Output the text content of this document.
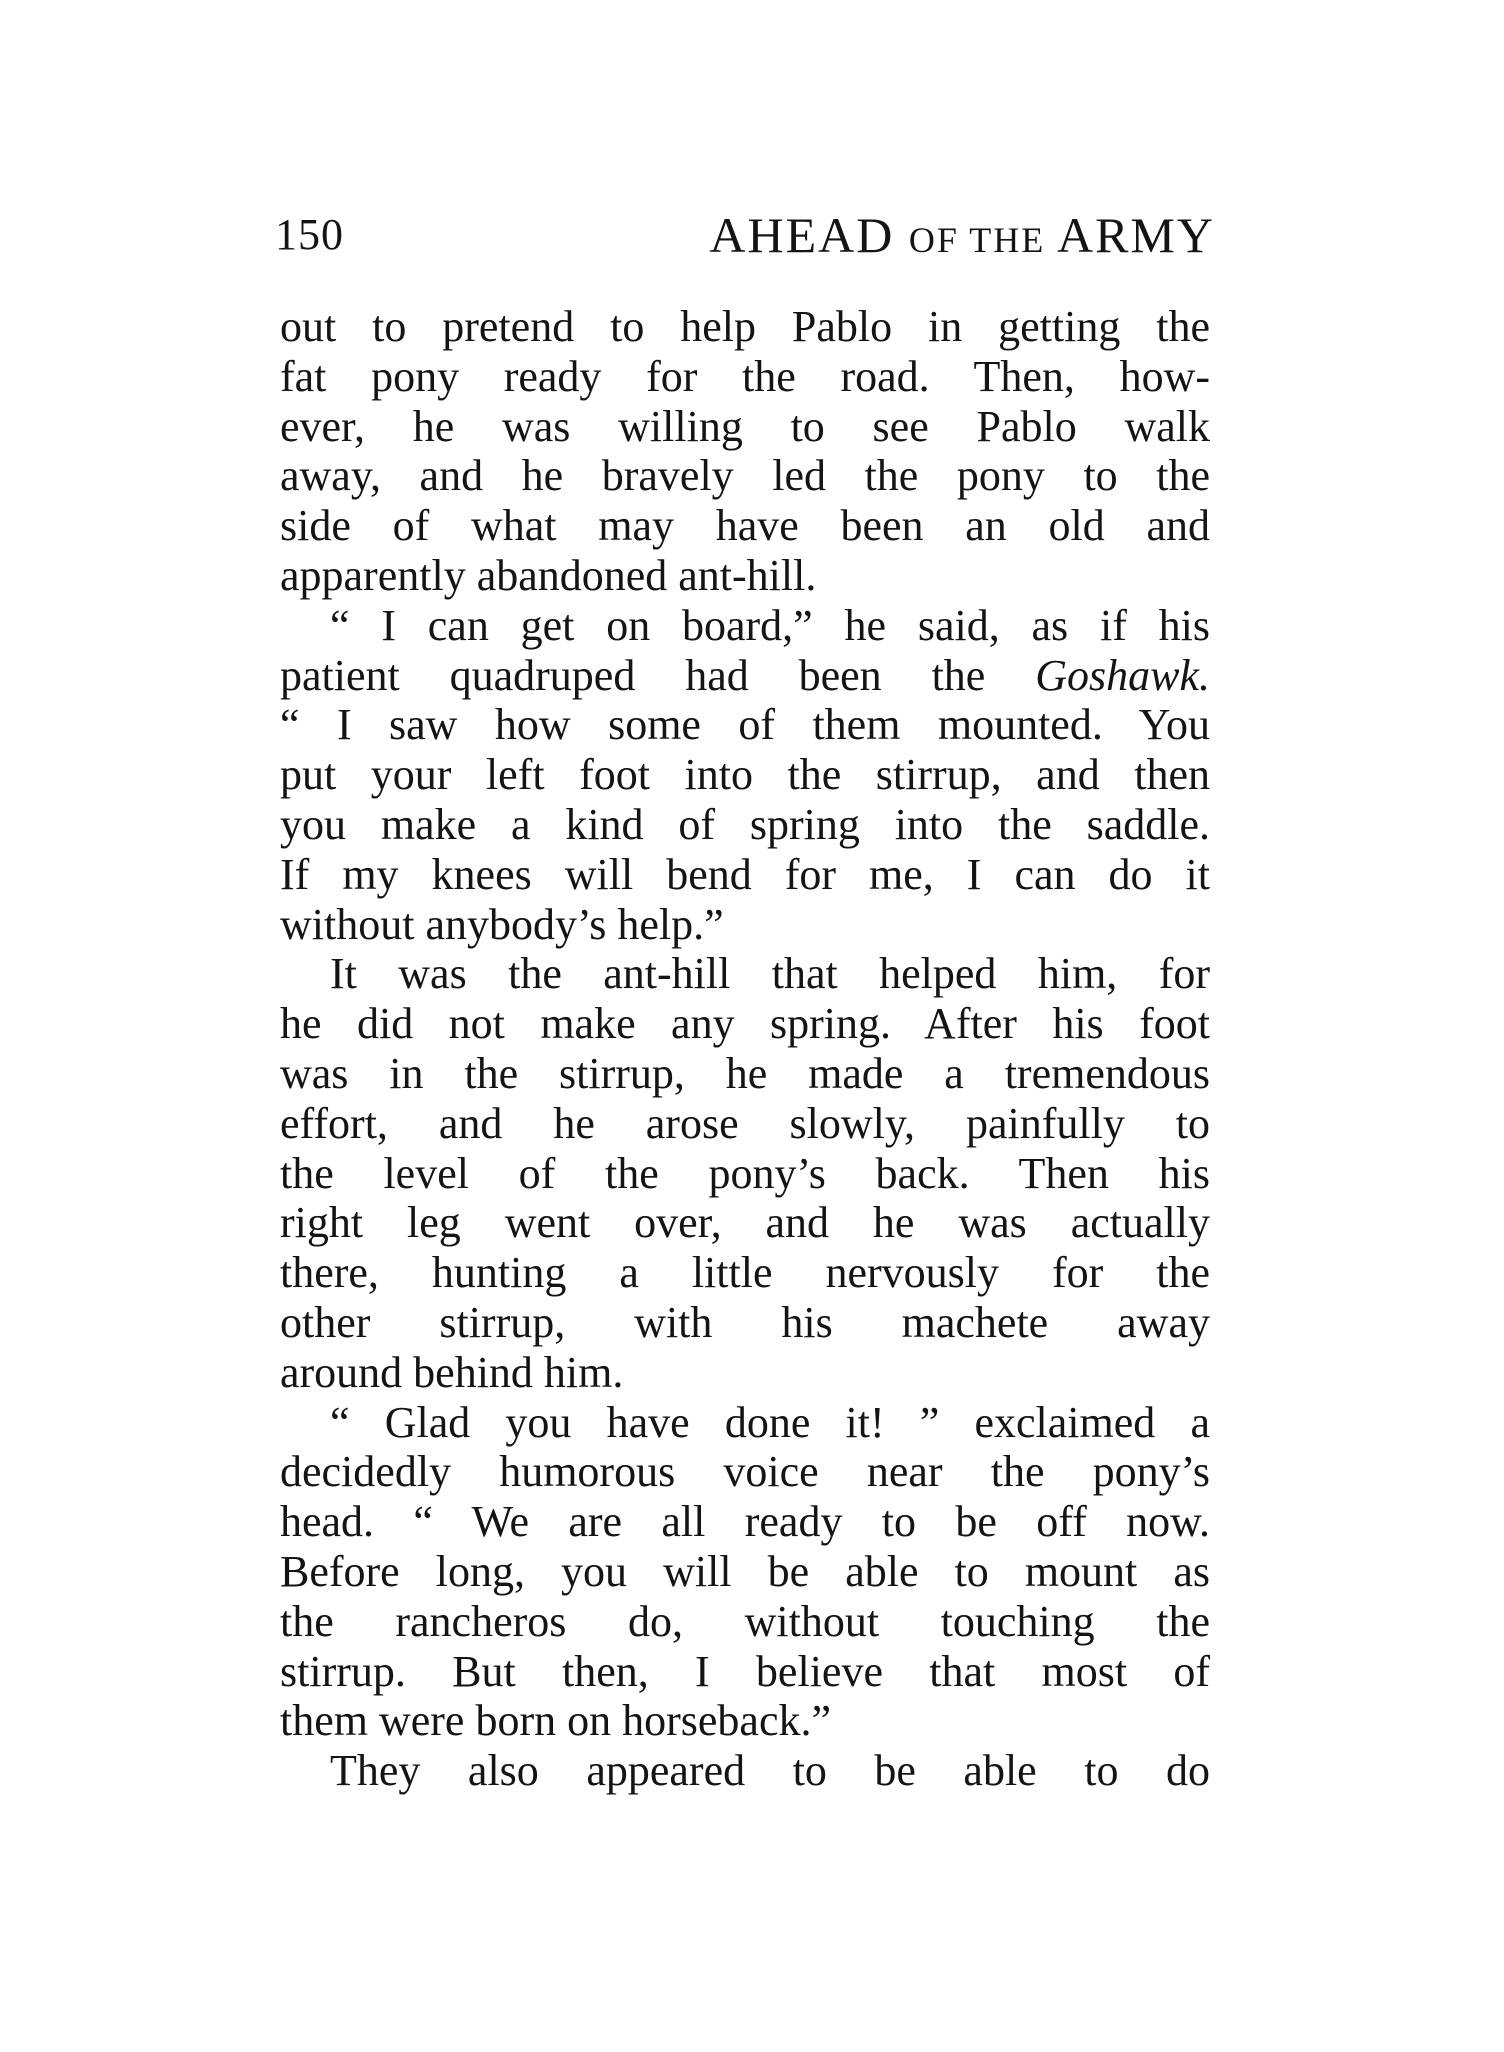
150	AHEAD OF THE ARMY
out to pretend to help Pablo in getting the
fat pony ready for the road. Then, how-
ever, he was willing to see Pablo walk
away, and he bravely led the pony to the
side of what may have been an old and
apparently abandoned ant-hill.
“ I can get on board,” he said, as if his
patient quadruped had been the Goshawk.
“ I saw how some of them mounted. You
put your left foot into the stirrup, and then
you make a kind of spring into the saddle.
If my knees will bend for me, I can do it
without anybody’s help.”
It was the ant-hill that helped him, for
he did not make any spring. After his foot
was in the stirrup, he made a tremendous
effort, and he arose slowly, painfully to
the level of the pony’s back. Then his
right leg went over, and he was actually
there, hunting a little nervously for the
other stirrup, with his machete away
around behind him.
“ Glad you have done it! ” exclaimed a
decidedly humorous voice near the pony’s
head. “ We are all ready to be off now.
Before long, you will be able to mount as
the rancheros do, without touching the
stirrup. But then, I believe that most of
them were born on horseback.”
They also appeared to be able to do
